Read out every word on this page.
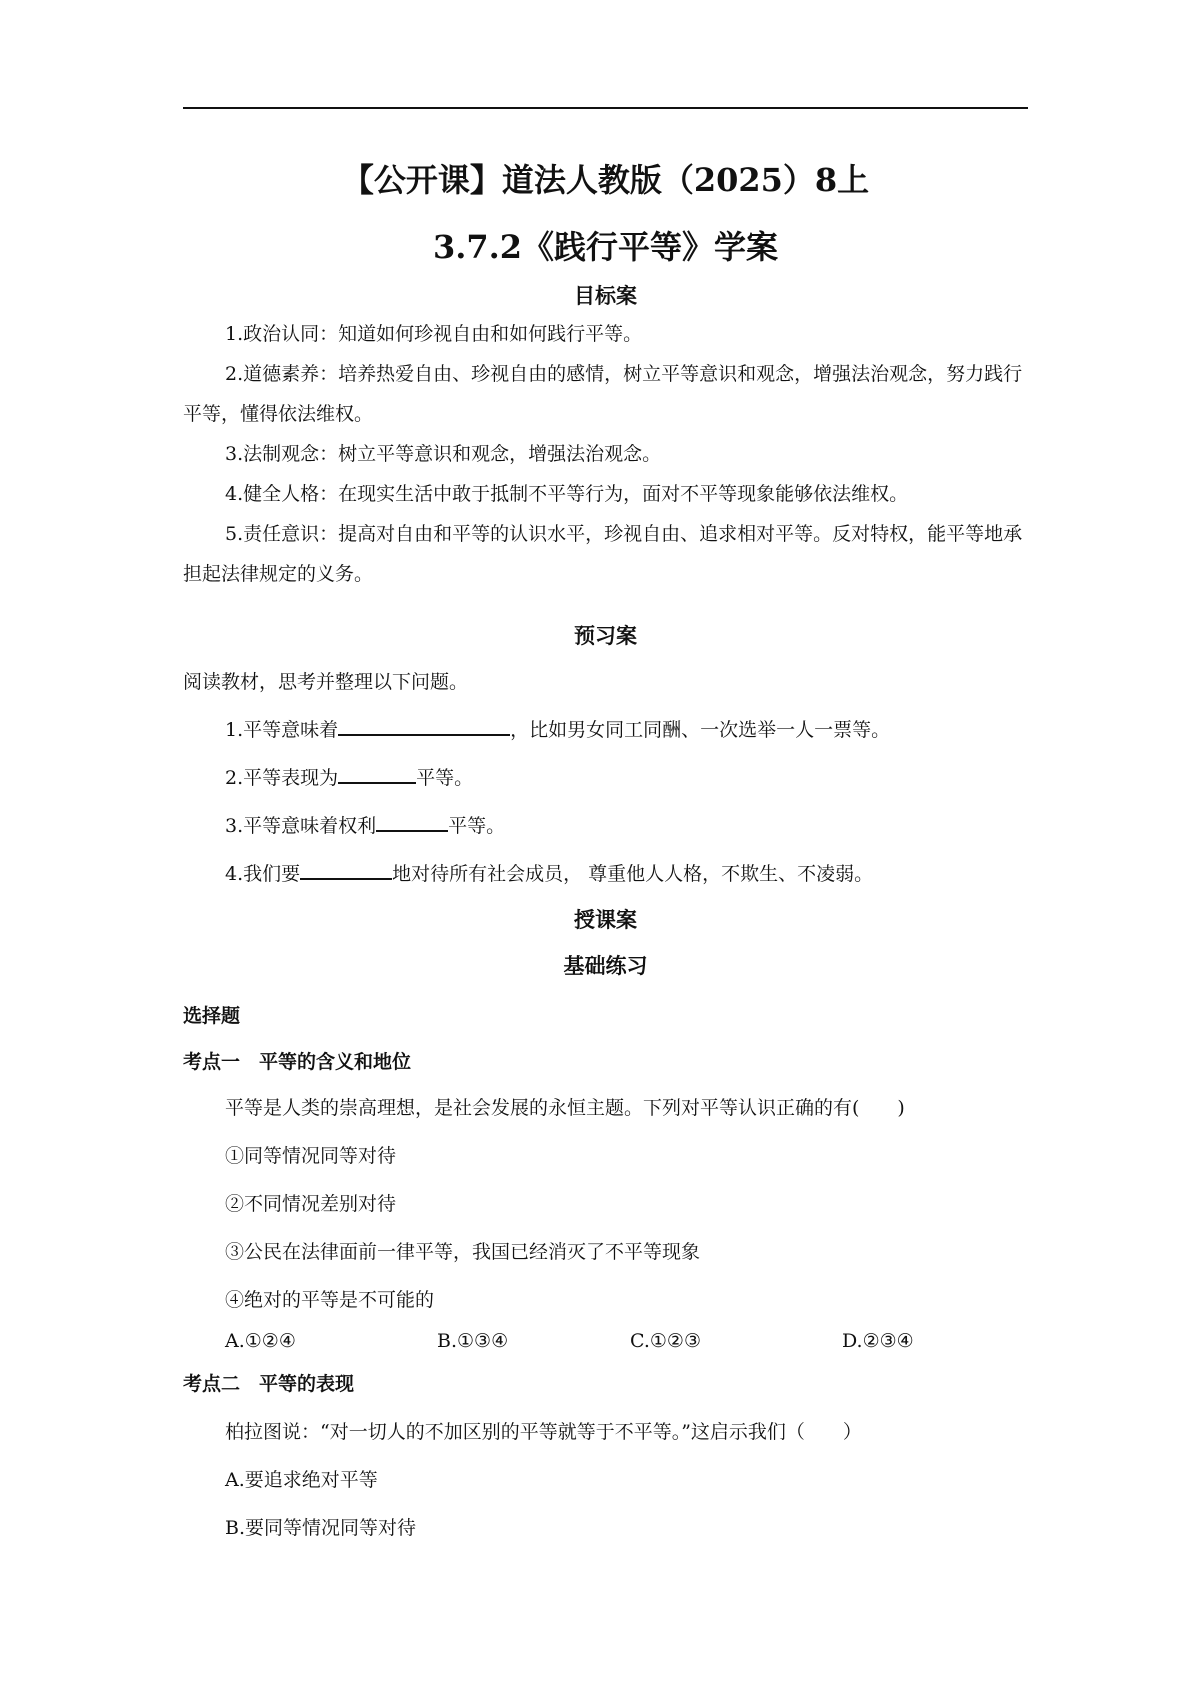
【公开课】道法人教版（2025）8上
3.7.2《践行平等》学案
目标案
1.政治认同：知道如何珍视自由和如何践行平等。
2.道德素养：培养热爱自由、珍视自由的感情，树立平等意识和观念，增强法治观念，努力践行平等，懂得依法维权。
3.法制观念：树立平等意识和观念，增强法治观念。
4.健全人格：在现实生活中敢于抵制不平等行为，面对不平等现象能够依法维权。
5.责任意识：提高对自由和平等的认识水平，珍视自由、追求相对平等。反对特权，能平等地承担起法律规定的义务。
预习案
阅读教材，思考并整理以下问题。
1.平等意味着	，比如男女同工同酬、一次选举一人一票等。
2.平等表现为	平等。
3.平等意味着权利	平等。
4.我们要	地对待所有社会成员， 尊重他人人格，不欺生、不凌弱。
授课案
基础练习
选择题
考点一　平等的含义和地位
平等是人类的崇高理想，是社会发展的永恒主题。下列对平等认识正确的有(　　)
①同等情况同等对待
②不同情况差别对待
③公民在法律面前一律平等，我国已经消灭了不平等现象
④绝对的平等是不可能的
A.①②④	B.①③④	C.①②③	D.②③④
考点二　平等的表现
柏拉图说：“对一切人的不加区别的平等就等于不平等。”这启示我们（　　）
A.要追求绝对平等
B.要同等情况同等对待
